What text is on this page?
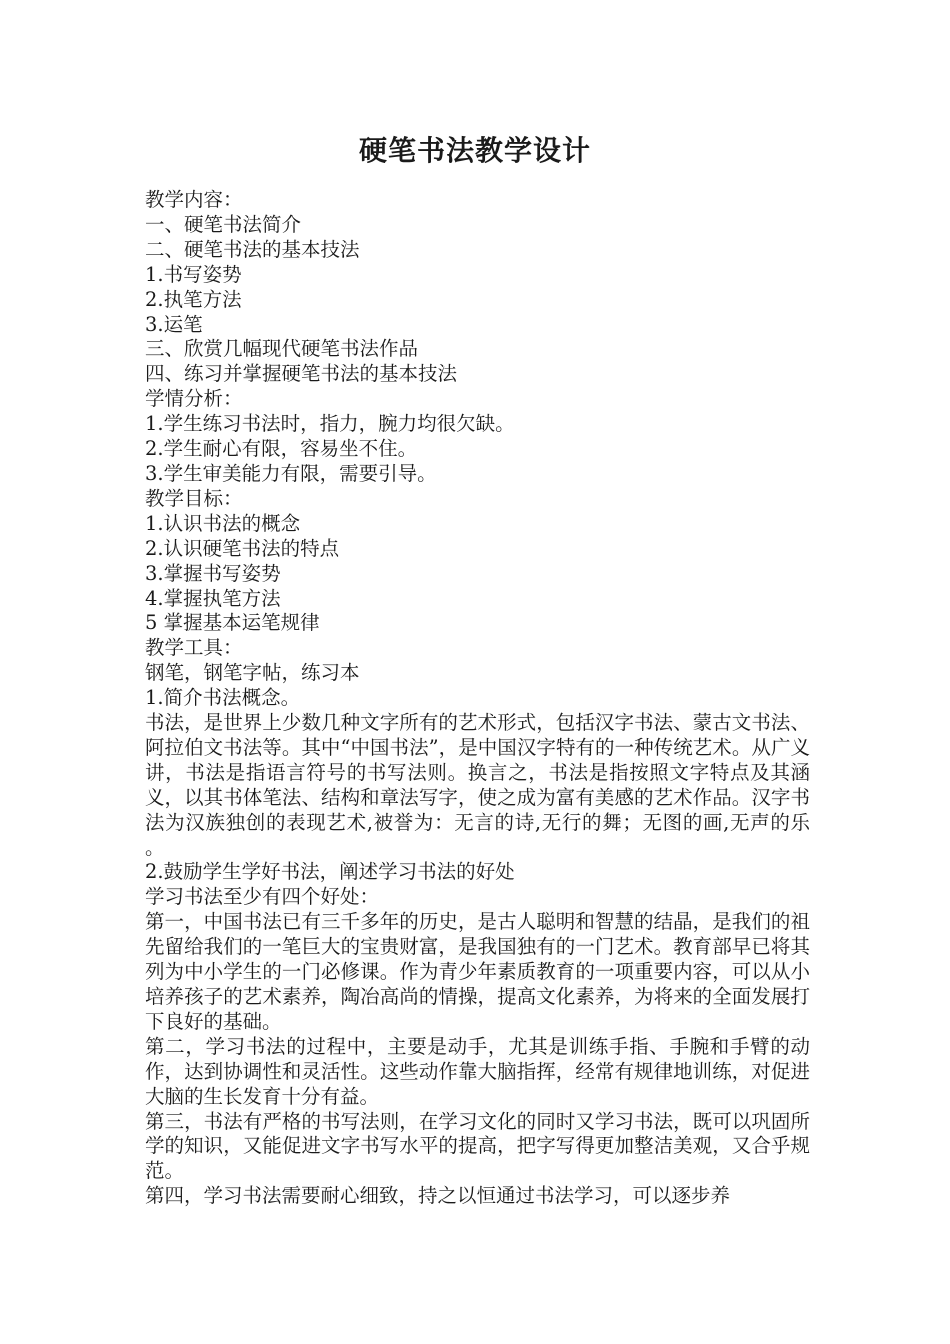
硬笔书法教学设计
教学内容：
一、硬笔书法简介
二、硬笔书法的基本技法
1.书写姿势
2.执笔方法
3.运笔
三、欣赏几幅现代硬笔书法作品
四、练习并掌握硬笔书法的基本技法
学情分析：
1.学生练习书法时，指力，腕力均很欠缺。
2.学生耐心有限，容易坐不住。
3.学生审美能力有限，需要引导。
教学目标：
1.认识书法的概念
2.认识硬笔书法的特点
3.掌握书写姿势
4.掌握执笔方法
5 掌握基本运笔规律
教学工具：
钢笔，钢笔字帖，练习本
1.简介书法概念。
书法，是世界上少数几种文字所有的艺术形式，包括汉字书法、蒙古文书法、阿拉伯文书法等。其中“中国书法”，是中国汉字特有的一种传统艺术。从广义讲，书法是指语言符号的书写法则。换言之，书法是指按照文字特点及其涵义，以其书体笔法、结构和章法写字，使之成为富有美感的艺术作品。汉字书法为汉族独创的表现艺术,被誉为：无言的诗,无行的舞；无图的画,无声的乐 。
2.鼓励学生学好书法，阐述学习书法的好处
学习书法至少有四个好处：
第一，中国书法已有三千多年的历史，是古人聪明和智慧的结晶，是我们的祖先留给我们的一笔巨大的宝贵财富，是我国独有的一门艺术。教育部早已将其列为中小学生的一门必修课。作为青少年素质教育的一项重要内容，可以从小培养孩子的艺术素养，陶冶高尚的情操，提高文化素养，为将来的全面发展打下良好的基础。
第二，学习书法的过程中，主要是动手，尤其是训练手指、手腕和手臂的动作，达到协调性和灵活性。这些动作靠大脑指挥，经常有规律地训练，对促进大脑的生长发育十分有益。
第三，书法有严格的书写法则，在学习文化的同时又学习书法，既可以巩固所学的知识，又能促进文字书写水平的提高，把字写得更加整洁美观，又合乎规范。
第四，学习书法需要耐心细致，持之以恒通过书法学习，可以逐步养
